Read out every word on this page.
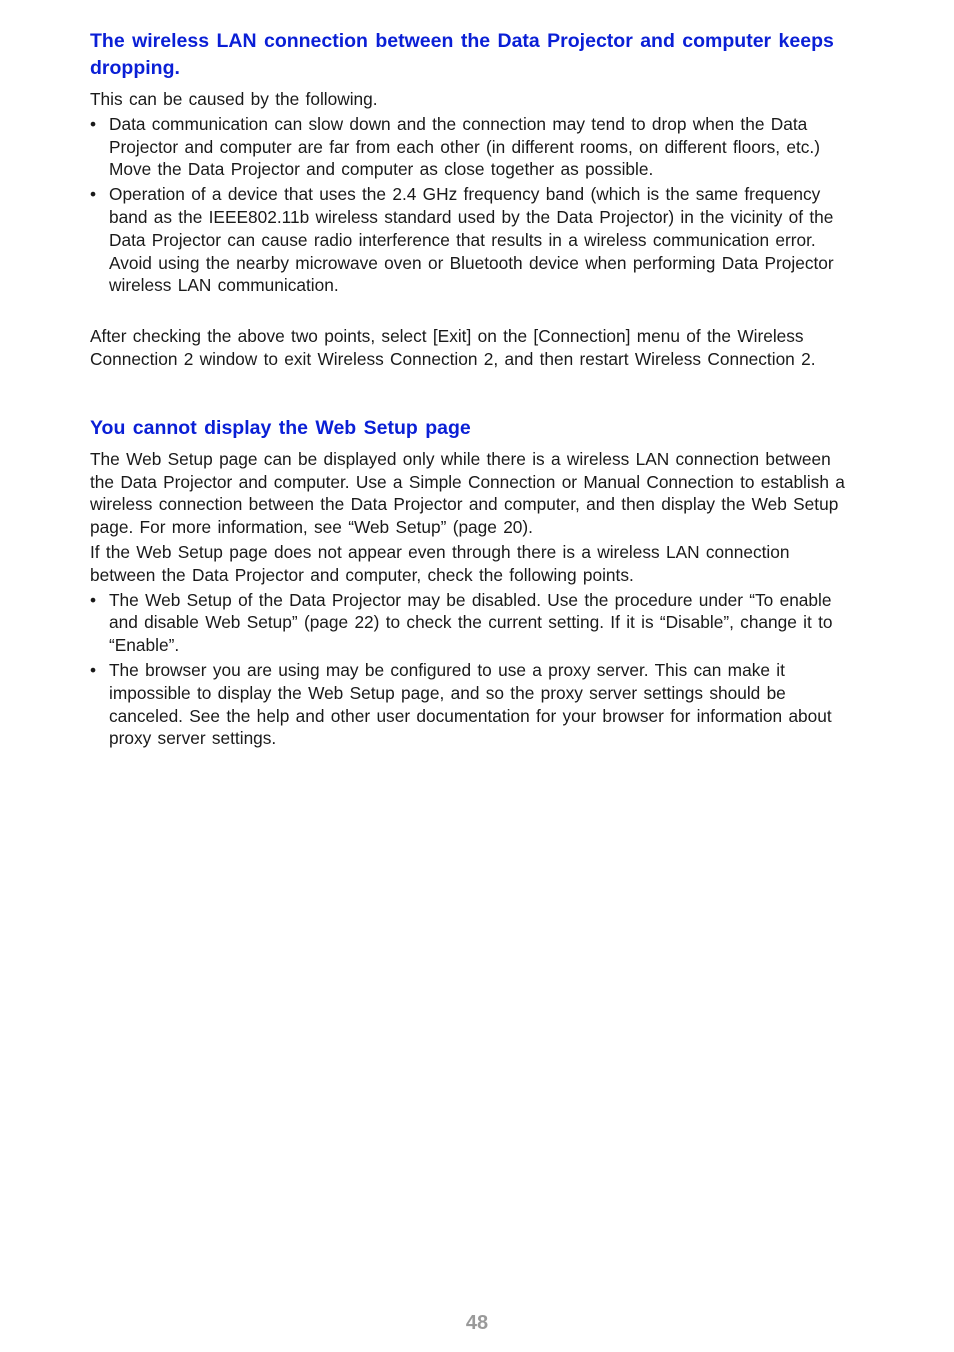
The wireless LAN connection between the Data Projector and computer keeps dropping.

This can be caused by the following.

• Data communication can slow down and the connection may tend to drop when the Data Projector and computer are far from each other (in different rooms, on different floors, etc.) Move the Data Projector and computer as close together as possible.
• Operation of a device that uses the 2.4 GHz frequency band (which is the same frequency band as the IEEE802.11b wireless standard used by the Data Projector) in the vicinity of the Data Projector can cause radio interference that results in a wireless communication error. Avoid using the nearby microwave oven or Bluetooth device when performing Data Projector wireless LAN communication.

After checking the above two points, select [Exit] on the [Connection] menu of the Wireless Connection 2 window to exit Wireless Connection 2, and then restart Wireless Connection 2.

You cannot display the Web Setup page

The Web Setup page can be displayed only while there is a wireless LAN connection between the Data Projector and computer. Use a Simple Connection or Manual Connection to establish a wireless connection between the Data Projector and computer, and then display the Web Setup page. For more information, see “Web Setup” (page 20).

If the Web Setup page does not appear even through there is a wireless LAN connection between the Data Projector and computer, check the following points.

• The Web Setup of the Data Projector may be disabled. Use the procedure under “To enable and disable Web Setup” (page 22) to check the current setting. If it is “Disable”, change it to “Enable”.
• The browser you are using may be configured to use a proxy server. This can make it impossible to display the Web Setup page, and so the proxy server settings should be canceled. See the help and other user documentation for your browser for information about proxy server settings.
48
